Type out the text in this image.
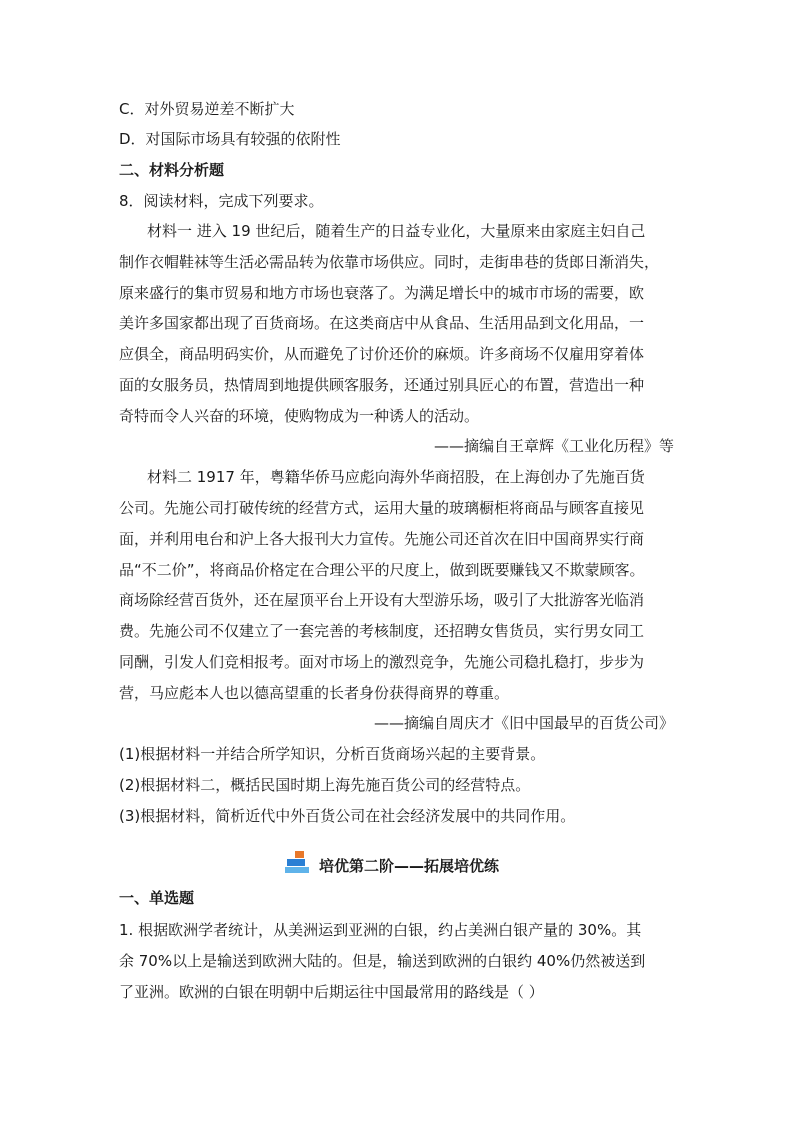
C．对外贸易逆差不断扩大
D．对国际市场具有较强的依附性
二、材料分析题
8．阅读材料，完成下列要求。
材料一 进入 19 世纪后，随着生产的日益专业化，大量原来由家庭主妇自己
制作衣帽鞋袜等生活必需品转为依靠市场供应。同时，走街串巷的货郎日渐消失，
原来盛行的集市贸易和地方市场也衰落了。为满足增长中的城市市场的需要，欧
美许多国家都出现了百货商场。在这类商店中从食品、生活用品到文化用品，一
应俱全，商品明码实价，从而避免了讨价还价的麻烦。许多商场不仅雇用穿着体
面的女服务员，热情周到地提供顾客服务，还通过别具匠心的布置，营造出一种
奇特而令人兴奋的环境，使购物成为一种诱人的活动。
——摘编自王章辉《工业化历程》等
材料二 1917 年，粤籍华侨马应彪向海外华商招股，在上海创办了先施百货
公司。先施公司打破传统的经营方式，运用大量的玻璃橱柜将商品与顾客直接见
面，并利用电台和沪上各大报刊大力宣传。先施公司还首次在旧中国商界实行商
品“不二价”，将商品价格定在合理公平的尺度上，做到既要赚钱又不欺蒙顾客。
商场除经营百货外，还在屋顶平台上开设有大型游乐场，吸引了大批游客光临消
费。先施公司不仅建立了一套完善的考核制度，还招聘女售货员，实行男女同工
同酬，引发人们竞相报考。面对市场上的激烈竞争，先施公司稳扎稳打，步步为
营，马应彪本人也以德高望重的长者身份获得商界的尊重。
——摘编自周庆才《旧中国最早的百货公司》
(1)根据材料一并结合所学知识，分析百货商场兴起的主要背景。
(2)根据材料二，概括民国时期上海先施百货公司的经营特点。
(3)根据材料，简析近代中外百货公司在社会经济发展中的共同作用。
培优第二阶——拓展培优练
一、单选题
1. 根据欧洲学者统计，从美洲运到亚洲的白银，约占美洲白银产量的 30%。其
余 70%以上是输送到欧洲大陆的。但是，输送到欧洲的白银约 40%仍然被送到
了亚洲。欧洲的白银在明朝中后期运往中国最常用的路线是（ ）
